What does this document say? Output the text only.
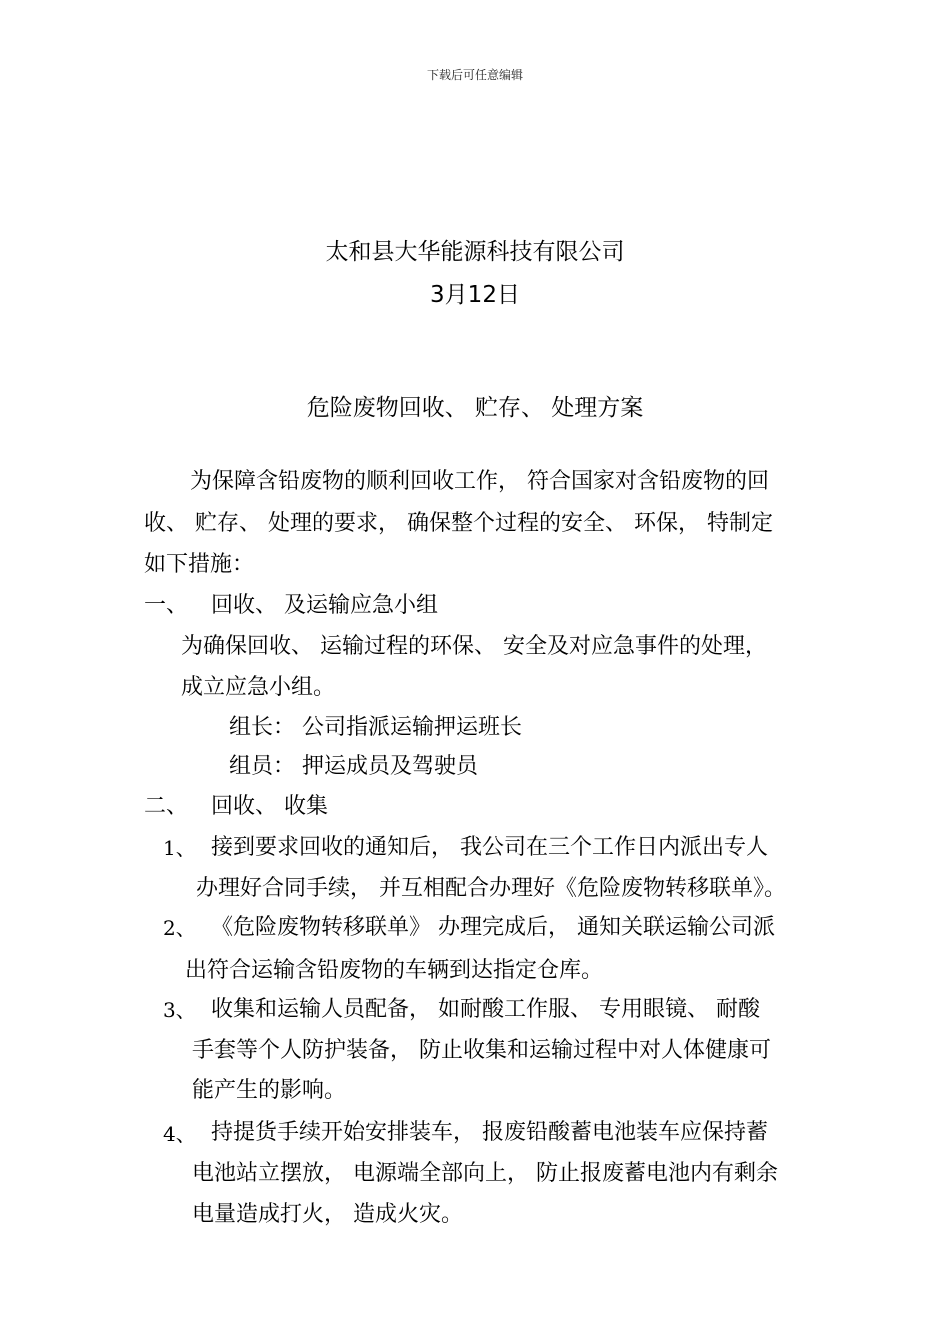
下载后可任意编辑
太和县大华能源科技有限公司
3月12日
危险废物回收、 贮存、 处理方案
为保障含铅废物的顺利回收工作， 符合国家对含铅废物的回
收、 贮存、 处理的要求， 确保整个过程的安全、 环保， 特制定
如下措施：
一、 回收、 及运输应急小组
为确保回收、 运输过程的环保、 安全及对应急事件的处理，
成立应急小组。
组长： 公司指派运输押运班长
组员： 押运成员及驾驶员
二、 回收、 收集
1、 接到要求回收的通知后， 我公司在三个工作日内派出专人
办理好合同手续， 并互相配合办理好《危险废物转移联单》。
2、 《危险废物转移联单》 办理完成后， 通知关联运输公司派
出符合运输含铅废物的车辆到达指定仓库。
3、 收集和运输人员配备， 如耐酸工作服、 专用眼镜、 耐酸
手套等个人防护装备， 防止收集和运输过程中对人体健康可
能产生的影响。
4、 持提货手续开始安排装车， 报废铅酸蓄电池装车应保持蓄
电池站立摆放， 电源端全部向上， 防止报废蓄电池内有剩余
电量造成打火， 造成火灾。
